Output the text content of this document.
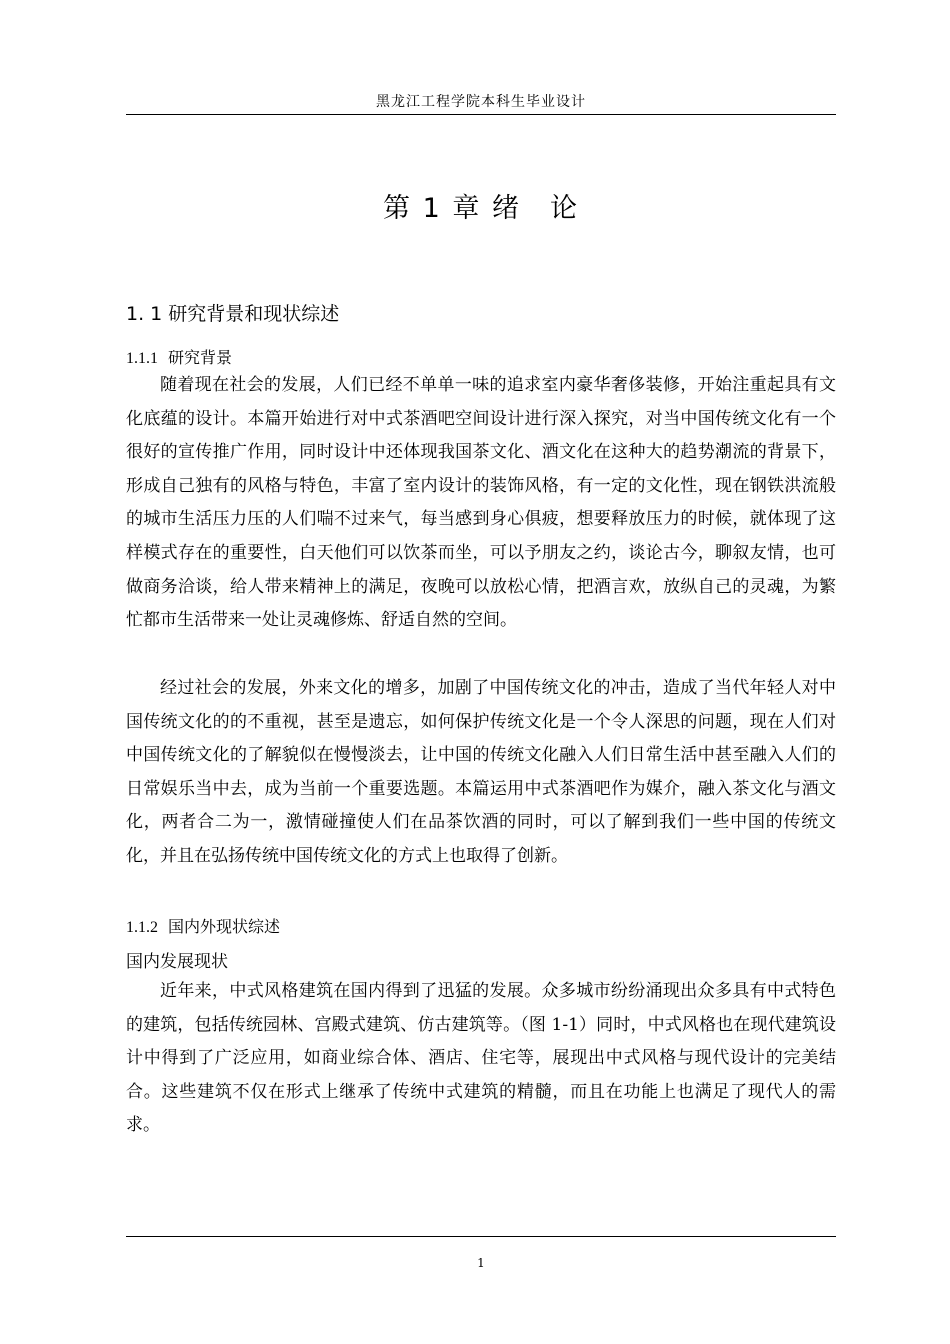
黑龙江工程学院本科生毕业设计
第 1 章 绪　论
1. 1 研究背景和现状综述
1.1.1 研究背景

随着现在社会的发展，人们已经不单单一味的追求室内豪华奢侈装修，开始注重起具有文化底蕴的设计。本篇开始进行对中式茶酒吧空间设计进行深入探究，对当中国传统文化有一个很好的宣传推广作用，同时设计中还体现我国茶文化、酒文化在这种大的趋势潮流的背景下，形成自己独有的风格与特色，丰富了室内设计的装饰风格，有一定的文化性，现在钢铁洪流般的城市生活压力压的人们喘不过来气，每当感到身心俱疲，想要释放压力的时候，就体现了这样模式存在的重要性，白天他们可以饮茶而坐，可以予朋友之约，谈论古今，聊叙友情，也可做商务洽谈，给人带来精神上的满足，夜晚可以放松心情，把酒言欢，放纵自己的灵魂，为繁忙都市生活带来一处让灵魂修炼、舒适自然的空间。

经过社会的发展，外来文化的增多，加剧了中国传统文化的冲击，造成了当代年轻人对中国传统文化的的不重视，甚至是遗忘，如何保护传统文化是一个令人深思的问题，现在人们对中国传统文化的了解貌似在慢慢淡去，让中国的传统文化融入人们日常生活中甚至融入人们的日常娱乐当中去，成为当前一个重要选题。本篇运用中式茶酒吧作为媒介，融入茶文化与酒文化，两者合二为一，激情碰撞使人们在品茶饮酒的同时，可以了解到我们一些中国的传统文化，并且在弘扬传统中国传统文化的方式上也取得了创新。

1.1.2 国内外现状综述
国内发展现状

近年来，中式风格建筑在国内得到了迅猛的发展。众多城市纷纷涌现出众多具有中式特色的建筑，包括传统园林、宫殿式建筑、仿古建筑等。（图 1-1）同时，中式风格也在现代建筑设计中得到了广泛应用，如商业综合体、酒店、住宅等，展现出中式风格与现代设计的完美结合。这些建筑不仅在形式上继承了传统中式建筑的精髓，而且在功能上也满足了现代人的需求。

1
